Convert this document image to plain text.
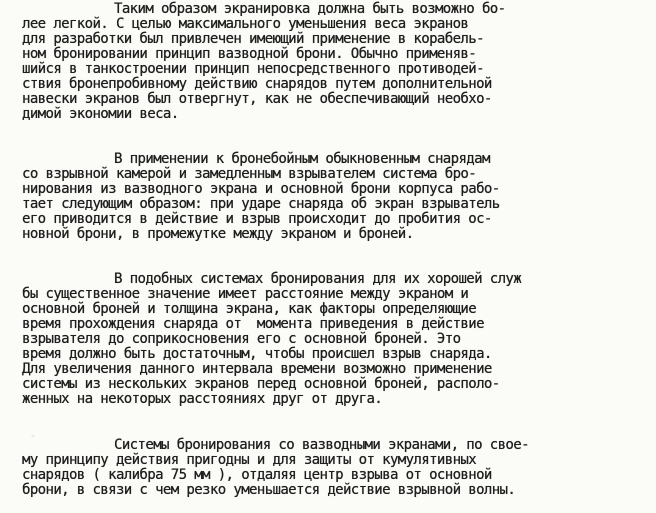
Таким образом экранировка должна быть возможно бо-
лее легкой. С целью максимального уменьшения веса экранов
для разработки был привлечен имеющий применение в корабель-
ном бронировании принцип вазводной брони. Обычно применяв-
шийся в танкостроении принцип непосредственного противодей-
ствия бронепробивному действию снарядов путем дополнительной
навески экранов был отвергнут, как не обеспечивающий необхо-
димой экономии веса.
В применении к бронебойным обыкновенным снарядам
со взрывной камерой и замедленным взрывателем система бро-
нирования из вазводного экрана и основной брони корпуса рабо-
тает следующим образом: при ударе снаряда об экран взрыватель
его приводится в действие и взрыв происходит до пробития ос-
новной брони, в промежутке между экраном и броней.
В подобных системах бронирования для их хорошей служ
бы существенное значение имеет расстояние между экраном и
основной броней и толщина экрана, как факторы определяющие
время прохождения снаряда от  момента приведения в действие
взрывателя до соприкосновения его с основной броней. Это
время должно быть достаточным, чтобы происшел взрыв снаряда.
Для увеличения данного интервала времени возможно применение
системы из нескольких экранов перед основной броней, располо-
женных на некоторых расстояниях друг от друга.
Системы бронирования со вазводными экранами, по свое-
му принципу действия пригодны и для защиты от кумулятивных
снарядов ( калибра 75 мм ), отдаляя центр взрыва от основной
брони, в связи с чем резко уменьшается действие взрывной волны.
